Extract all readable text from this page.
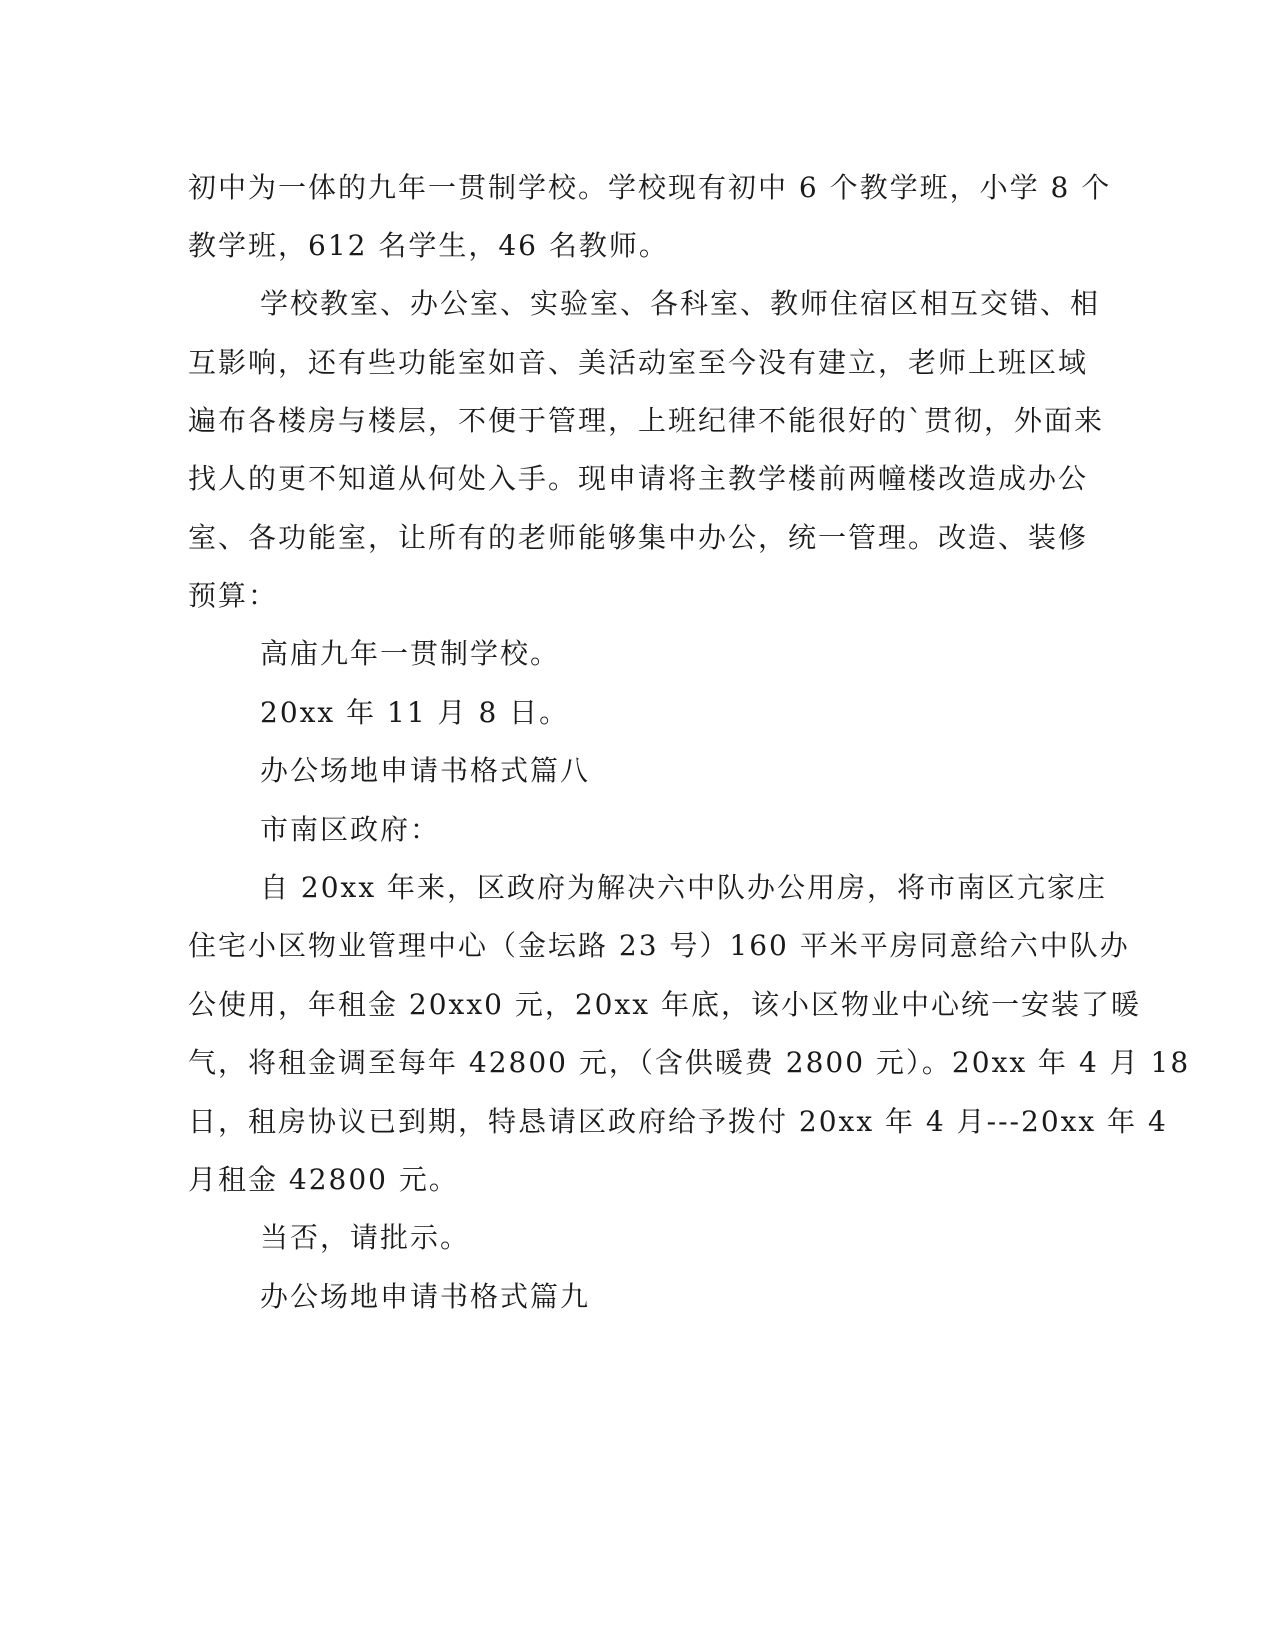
初中为一体的九年一贯制学校。学校现有初中 6 个教学班，小学 8 个
教学班，612 名学生，46 名教师。
学校教室、办公室、实验室、各科室、教师住宿区相互交错、相
互影响，还有些功能室如音、美活动室至今没有建立，老师上班区域
遍布各楼房与楼层，不便于管理，上班纪律不能很好的`贯彻，外面来
找人的更不知道从何处入手。现申请将主教学楼前两幢楼改造成办公
室、各功能室，让所有的老师能够集中办公，统一管理。改造、装修
预算：
高庙九年一贯制学校。
20xx 年 11 月 8 日。
办公场地申请书格式篇八
市南区政府：
自 20xx 年来，区政府为解决六中队办公用房，将市南区亢家庄
住宅小区物业管理中心（金坛路 23 号）160 平米平房同意给六中队办
公使用，年租金 20xx0 元，20xx 年底，该小区物业中心统一安装了暖
气，将租金调至每年 42800 元，（含供暖费 2800 元）。20xx 年 4 月 18
日，租房协议已到期，特恳请区政府给予拨付 20xx 年 4 月---20xx 年 4
月租金 42800 元。
当否，请批示。
办公场地申请书格式篇九
